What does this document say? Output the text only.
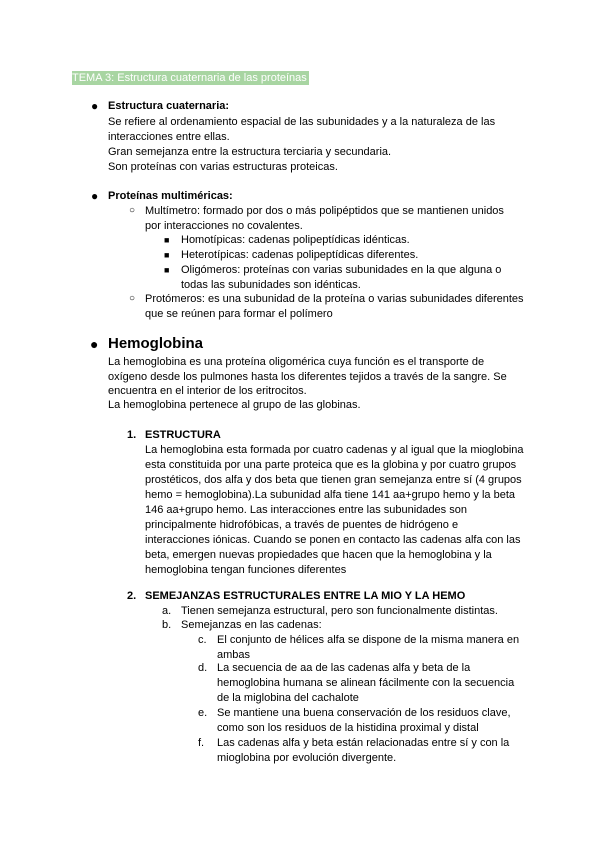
TEMA 3: Estructura cuaternaria de las proteínas
● Estructura cuaternaria:
Se refiere al ordenamiento espacial de las subunidades y a la naturaleza de las
interacciones entre ellas.
Gran semejanza entre la estructura terciaria y secundaria.
Son proteínas con varias estructuras proteicas.
● Proteínas multiméricas:
○ Multímetro: formado por dos o más polipéptidos que se mantienen unidos
por interacciones no covalentes.
■ Homotípicas: cadenas polipeptídicas idénticas.
■ Heterotípicas: cadenas polipeptídicas diferentes.
■ Oligómeros: proteínas con varias subunidades en la que alguna o
todas las subunidades son idénticas.
○ Protómeros: es una subunidad de la proteína o varias subunidades diferentes
que se reúnen para formar el polímero
● Hemoglobina
La hemoglobina es una proteína oligomérica cuya función es el transporte de
oxígeno desde los pulmones hasta los diferentes tejidos a través de la sangre. Se
encuentra en el interior de los eritrocitos.
La hemoglobina pertenece al grupo de las globinas.
1. ESTRUCTURA
La hemoglobina esta formada por cuatro cadenas y al igual que la mioglobina
esta constituida por una parte proteica que es la globina y por cuatro grupos
prostéticos, dos alfa y dos beta que tienen gran semejanza entre sí (4 grupos
hemo = hemoglobina).La subunidad alfa tiene 141 aa+grupo hemo y la beta
146 aa+grupo hemo. Las interacciones entre las subunidades son
principalmente hidrofóbicas, a través de puentes de hidrógeno e
interacciones iónicas. Cuando se ponen en contacto las cadenas alfa con las
beta, emergen nuevas propiedades que hacen que la hemoglobina y la
hemoglobina tengan funciones diferentes
2. SEMEJANZAS ESTRUCTURALES ENTRE LA MIO Y LA HEMO
a. Tienen semejanza estructural, pero son funcionalmente distintas.
b. Semejanzas en las cadenas:
c. El conjunto de hélices alfa se dispone de la misma manera en
ambas
d. La secuencia de aa de las cadenas alfa y beta de la
hemoglobina humana se alinean fácilmente con la secuencia
de la miglobina del cachalote
e. Se mantiene una buena conservación de los residuos clave,
como son los residuos de la histidina proximal y distal
f. Las cadenas alfa y beta están relacionadas entre sí y con la
mioglobina por evolución divergente.
